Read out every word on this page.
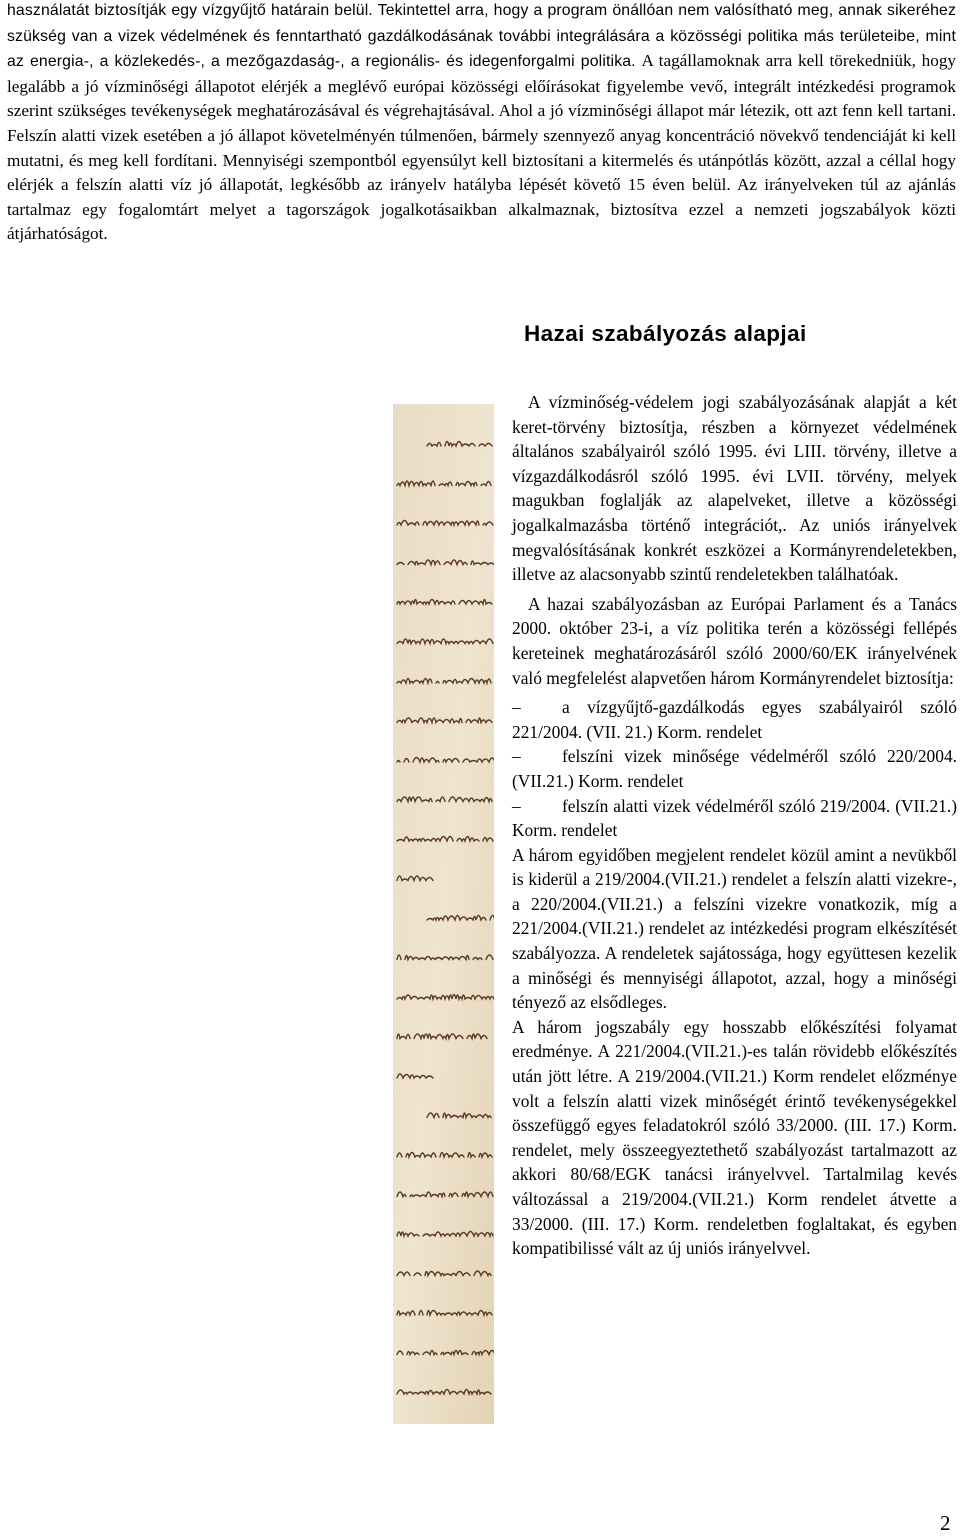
használatát biztosítják egy vízgyűjtő határain belül. Tekintettel arra, hogy a program önállóan nem valósítható meg, annak sikeréhez szükség van a vizek védelmének és fenntartható gazdálkodásának további integrálására a közösségi politika más területeibe, mint az energia-, a közlekedés-, a mezőgazdaság-, a regionális- és idegenforgalmi politika. A tagállamoknak arra kell törekedniük, hogy legalább a jó vízminőségi állapotot elérjék a meglévő európai közösségi előírásokat figyelembe vevő, integrált intézkedési programok szerint szükséges tevékenységek meghatározásával és végrehajtásával. Ahol a jó vízminőségi állapot már létezik, ott azt fenn kell tartani. Felszín alatti vizek esetében a jó állapot követelményén túlmenően, bármely szennyező anyag koncentráció növekvő tendenciáját ki kell mutatni, és meg kell fordítani. Mennyiségi szempontból egyensúlyt kell biztosítani a kitermelés és utánpótlás között, azzal a céllal hogy elérjék a felszín alatti víz jó állapotát, legkésőbb az irányelv hatályba lépését követő 15 éven belül. Az irányelveken túl az ajánlás tartalmaz egy fogalomtárt melyet a tagországok jogalkotásaikban alkalmaznak, biztosítva ezzel a nemzeti jogszabályok közti átjárhatóságot.
Hazai szabályozás alapjai

A vízminőség-védelem jogi szabályozásának alapját a két keret-törvény biztosítja, részben a környezet védelmének általános szabályairól szóló 1995. évi LIII. törvény, illetve a vízgazdálkodásról szóló 1995. évi LVII. törvény, melyek magukban foglalják az alapelveket, illetve a közösségi jogalkalmazásba történő integrációt,. Az uniós irányelvek megvalósításának konkrét eszközei a Kormányrendeletekben, illetve az alacsonyabb szintű rendeletekben találhatóak.

A hazai szabályozásban az Európai Parlament és a Tanács 2000. október 23-i, a víz politika terén a közösségi fellépés kereteinek meghatározásáról szóló 2000/60/EK irányelvének való megfelelést alapvetően három Kormányrendelet biztosítja:

– a vízgyűjtő-gazdálkodás egyes szabályairól szóló 221/2004. (VII. 21.) Korm. rendelet

– felszíni vizek minősége védelméről szóló 220/2004. (VII.21.) Korm. rendelet

– felszín alatti vizek védelméről szóló 219/2004. (VII.21.) Korm. rendelet

A három egyidőben megjelent rendelet közül amint a nevükből is kiderül a 219/2004.(VII.21.) rendelet a felszín alatti vizekre-, a 220/2004.(VII.21.) a felszíni vizekre vonatkozik, míg a 221/2004.(VII.21.) rendelet az intézkedési program elkészítését szabályozza. A rendeletek sajátossága, hogy együttesen kezelik a minőségi és mennyiségi állapotot, azzal, hogy a minőségi tényező az elsődleges.

A három jogszabály egy hosszabb előkészítési folyamat eredménye. A 221/2004.(VII.21.)-es talán rövidebb előkészítés után jött létre. A 219/2004.(VII.21.) Korm rendelet előzménye volt a felszín alatti vizek minőségét érintő tevékenységekkel összefüggő egyes feladatokról szóló 33/2000. (III. 17.) Korm. rendelet, mely összeegyeztethető szabályozást tartalmazott az akkori 80/68/EGK tanácsi irányelvvel. Tartalmilag kevés változással a 219/2004.(VII.21.) Korm rendelet átvette a 33/2000. (III. 17.) Korm. rendeletben foglaltakat, és egyben kompatibilissé vált az új uniós irányelvvel.

2
